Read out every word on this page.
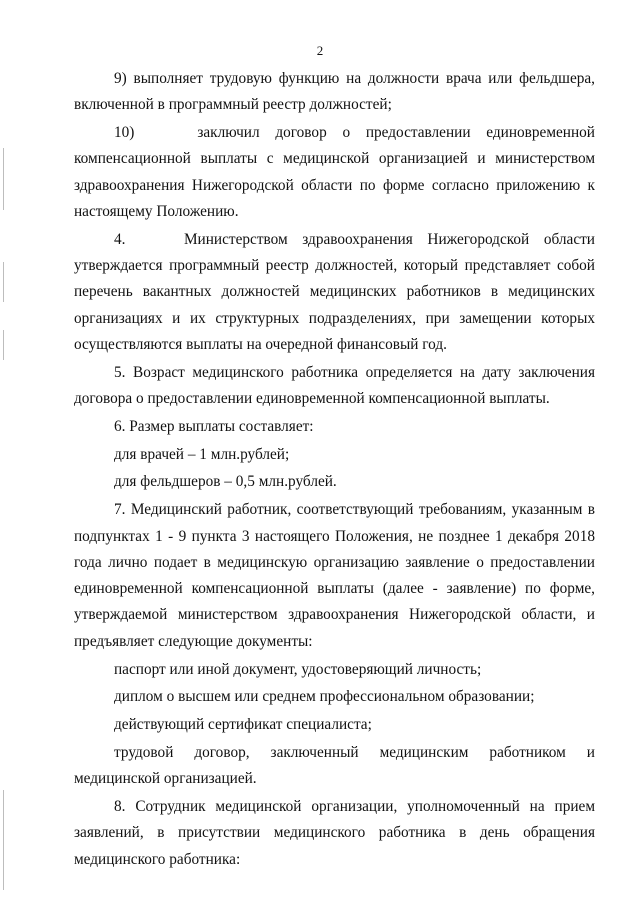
2

9) выполняет трудовую функцию на должности врача или фельдшера, включенной в программный реестр должностей;

10)    заключил договор о предоставлении единовременной компенсационной выплаты с медицинской организацией и министерством здравоохранения Нижегородской области по форме согласно приложению к настоящему Положению.

4.    Министерством здравоохранения Нижегородской области утверждается программный реестр должностей, который представляет собой перечень вакантных должностей медицинских работников в медицинских организациях и их структурных подразделениях, при замещении которых осуществляются выплаты на очередной финансовый год.

5. Возраст медицинского работника определяется на дату заключения договора о предоставлении единовременной компенсационной выплаты.

6. Размер выплаты составляет:

для врачей – 1 млн.рублей;

для фельдшеров – 0,5 млн.рублей.

7. Медицинский работник, соответствующий требованиям, указанным в подпунктах 1 - 9 пункта 3 настоящего Положения, не позднее 1 декабря 2018 года лично подает в медицинскую организацию заявление о предоставлении единовременной компенсационной выплаты (далее - заявление) по форме, утверждаемой министерством здравоохранения Нижегородской области, и предъявляет следующие документы:

паспорт или иной документ, удостоверяющий личность;

диплом о высшем или среднем профессиональном образовании;

действующий сертификат специалиста;

трудовой договор, заключенный медицинским работником и медицинской организацией.

8. Сотрудник медицинской организации, уполномоченный на прием заявлений, в присутствии медицинского работника в день обращения медицинского работника:
